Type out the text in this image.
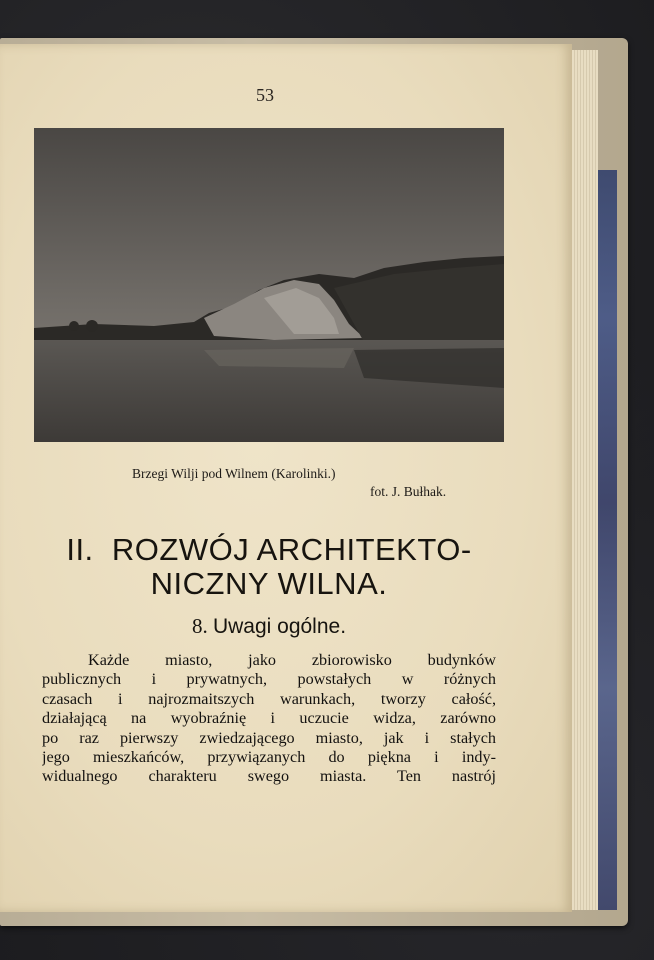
53
Brzegi Wilji pod Wilnem (Karolinki.)
fot. J. Bułhak.
II. ROZWÓJ ARCHITEKTO-
NICZNY WILNA.
8. Uwagi ogólne.
Każde miasto, jako zbiorowisko budynków
publicznych i prywatnych, powstałych w różnych
czasach i najrozmaitszych warunkach, tworzy całość,
działającą na wyobraźnię i uczucie widza, zarówno
po raz pierwszy zwiedzającego miasto, jak i stałych
jego mieszkańców, przywiązanych do piękna i indy-
widualnego charakteru swego miasta. Ten nastrój
